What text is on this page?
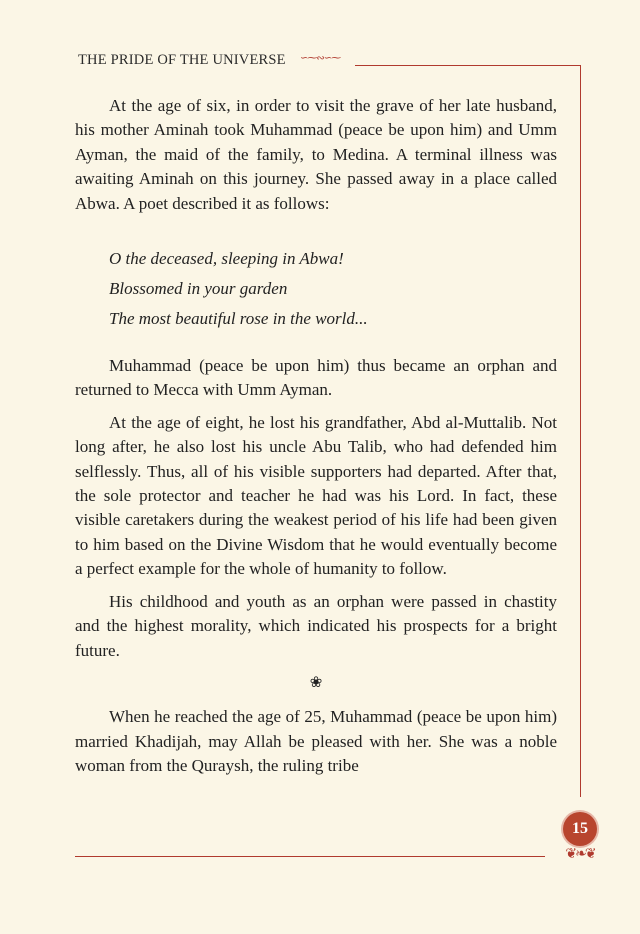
THE PRIDE OF THE UNIVERSE ∽⁓∾∽⁓

At the age of six, in order to visit the grave of her late husband, his mother Aminah took Muhammad (peace be upon him) and Umm Ayman, the maid of the family, to Medina. A terminal illness was awaiting Aminah on this journey. She passed away in a place called Abwa. A poet described it as follows:

O the deceased, sleeping in Abwa!
Blossomed in your garden
The most beautiful rose in the world...

Muhammad (peace be upon him) thus became an orphan and returned to Mecca with Umm Ayman.

At the age of eight, he lost his grandfather, Abd al-Muttalib. Not long after, he also lost his uncle Abu Talib, who had defended him selflessly. Thus, all of his visible supporters had departed. After that, the sole protector and teacher he had was his Lord. In fact, these visible caretakers during the weakest period of his life had been given to him based on the Divine Wisdom that he would eventually become a perfect example for the whole of humanity to follow.

His childhood and youth as an orphan were passed in chastity and the highest morality, which indicated his prospects for a bright future.

❀

When he reached the age of 25, Muhammad (peace be upon him) married Khadijah, may Allah be pleased with her. She was a noble woman from the Quraysh, the ruling tribe

15
❦❧❦
